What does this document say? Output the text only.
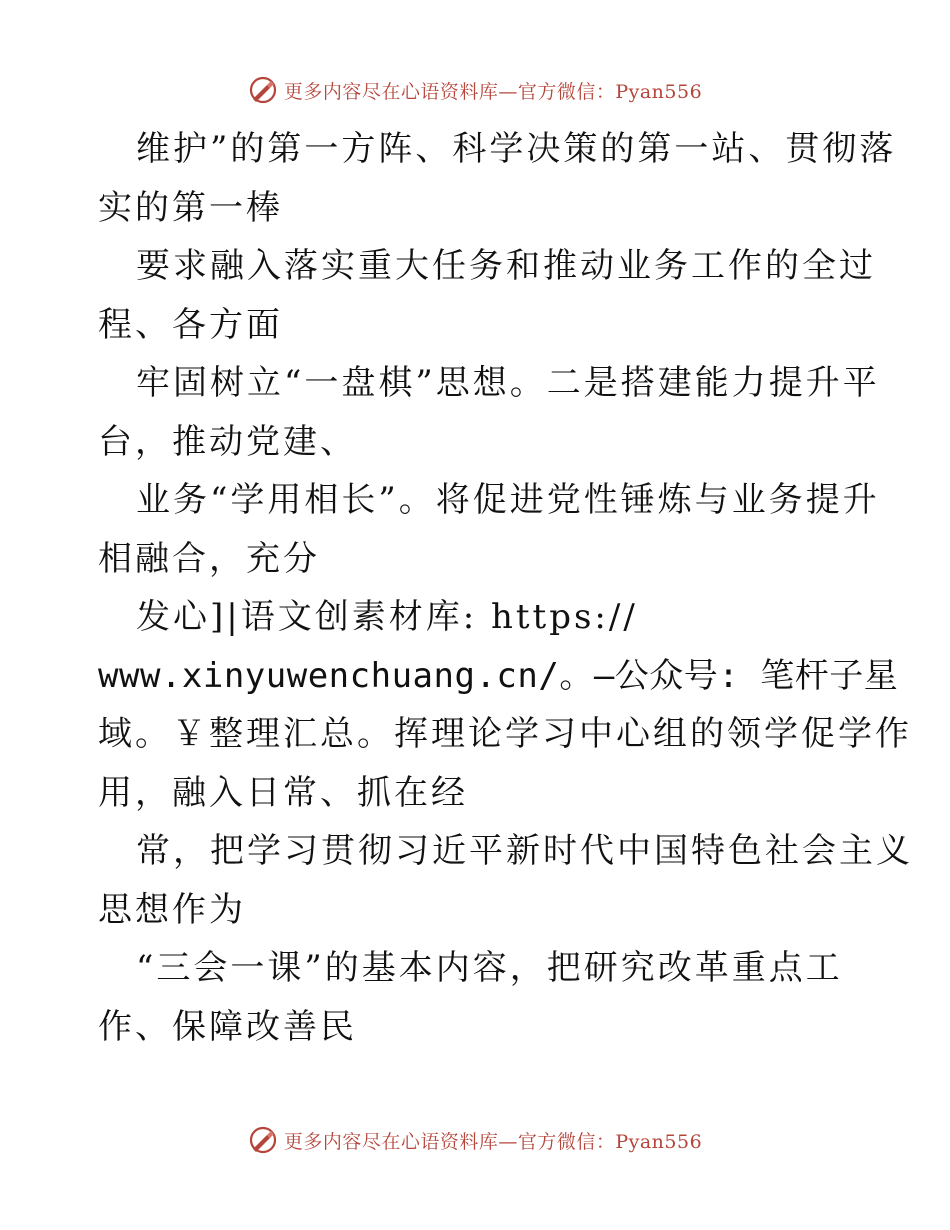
更多内容尽在心语资料库—官方微信：Pyan556
维护”的第一方阵、科学决策的第一站、贯彻落
实的第一棒
要求融入落实重大任务和推动业务工作的全过
程、各方面
牢固树立“一盘棋”思想。二是搭建能力提升平
台，推动党建、
业务“学用相长”。将促进党性锤炼与业务提升
相融合，充分
发心]|语文创素材库: https://
www.xinyuwenchuang.cn/。—公众号: 笔杆子星
域。￥整理汇总。挥理论学习中心组的领学促学作
用，融入日常、抓在经
常，把学习贯彻习近平新时代中国特色社会主义
思想作为
“三会一课”的基本内容，把研究改革重点工
作、保障改善民
更多内容尽在心语资料库—官方微信：Pyan556
